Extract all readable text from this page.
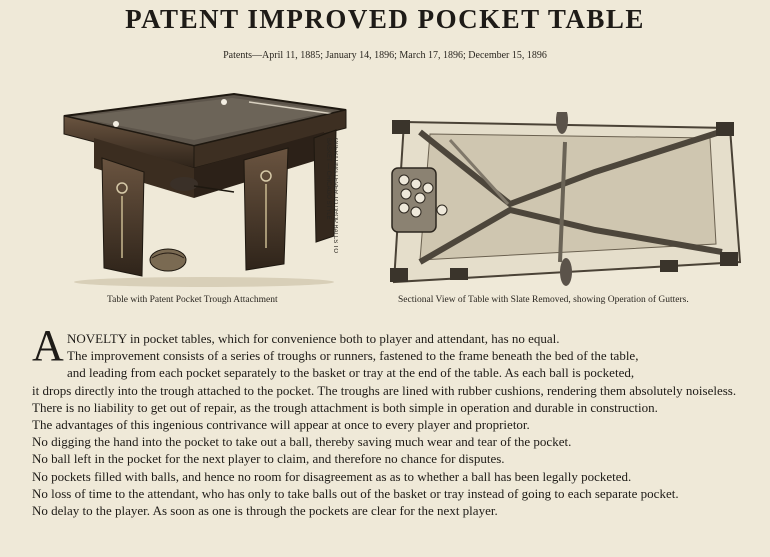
PATENT IMPROVED POCKET TABLE
Patents—April 11, 1885; January 14, 1896; March 17, 1896; December 15, 1896
OPERATING LEVER TO DROP BALLS TO BASKET — CHICAGO STYLE
Table with Patent Pocket Trough Attachment	Sectional View of Table with Slate Removed, showing Operation of Gutters.
A NOVELTY in pocket tables, which for convenience both to player and attendant, has no equal.

The improvement consists of a series of troughs or runners, fastened to the frame beneath the bed of the table,

and leading from each pocket separately to the basket or tray at the end of the table. As each ball is pocketed,

it drops directly into the trough attached to the pocket. The troughs are lined with rubber cushions, rendering them absolutely noiseless.

There is no liability to get out of repair, as the trough attachment is both simple in operation and durable in construction.

The advantages of this ingenious contrivance will appear at once to every player and proprietor.

No digging the hand into the pocket to take out a ball, thereby saving much wear and tear of the pocket.

No ball left in the pocket for the next player to claim, and therefore no chance for disputes.

No pockets filled with balls, and hence no room for disagreement as as to whether a ball has been legally pocketed.

No loss of time to the attendant, who has only to take balls out of the basket or tray instead of going to each separate pocket.

No delay to the player. As soon as one is through the pockets are clear for the next player.
